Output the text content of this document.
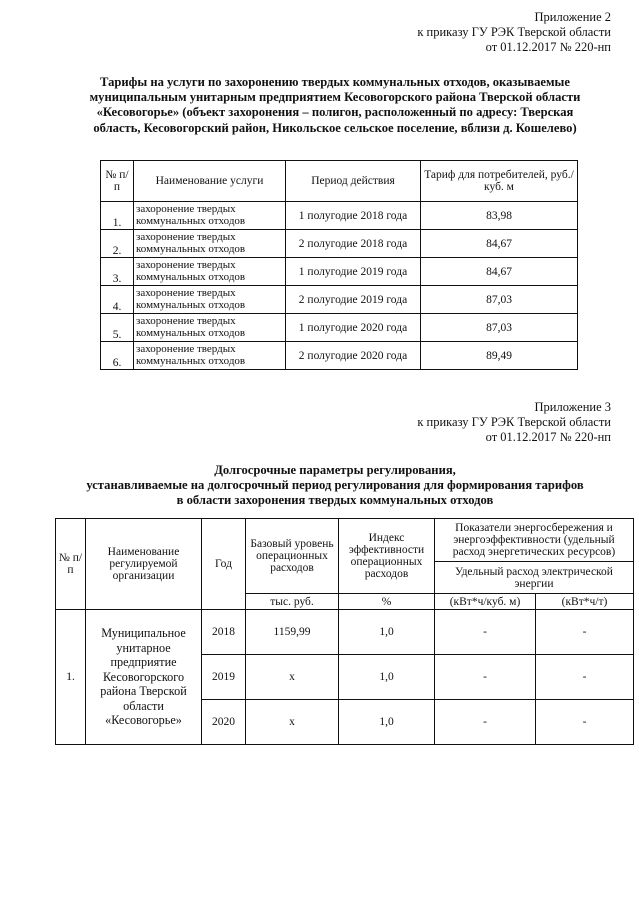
Приложение 2
к приказу ГУ РЭК Тверской области
от 01.12.2017 № 220-нп
Тарифы на услуги по захоронению твердых коммунальных отходов, оказываемые
муниципальным унитарным предприятием Кесовогорского района Тверской области
«Кесовогорье» (объект захоронения – полигон, расположенный по адресу: Тверская
область, Кесовогорский район, Никольское сельское поселение, вблизи д. Кошелево)
№ п/п	Наименование услуги	Период действия	Тариф для потребителей, руб./куб. м
1.	захоронение твердых коммунальных отходов	1 полугодие 2018 года	83,98
2.	захоронение твердых коммунальных отходов	2 полугодие 2018 года	84,67
3.	захоронение твердых коммунальных отходов	1 полугодие 2019 года	84,67
4.	захоронение твердых коммунальных отходов	2 полугодие 2019 года	87,03
5.	захоронение твердых коммунальных отходов	1 полугодие 2020 года	87,03
6.	захоронение твердых коммунальных отходов	2 полугодие 2020 года	89,49
Приложение 3
к приказу ГУ РЭК Тверской области
от 01.12.2017 № 220-нп
Долгосрочные параметры регулирования,
устанавливаемые на долгосрочный период регулирования для формирования тарифов
в области захоронения твердых коммунальных отходов
№ п/п	Наименование регулируемой организации	Год	Базовый уровень операционных расходов	Индекс эффективности операционных расходов	Показатели энергосбережения и энергоэффективности (удельный расход энергетических ресурсов)	
					Удельный расход электрической энергии	
			тыс. руб.	%	(кВт*ч/куб. м)	(кВт*ч/т)
1.	Муниципальное унитарное предприятие Кесовогорского района Тверской области «Кесовогорье»	2018	1159,99	1,0	-	-
		2019	x	1,0	-	-
		2020	x	1,0	-	-
